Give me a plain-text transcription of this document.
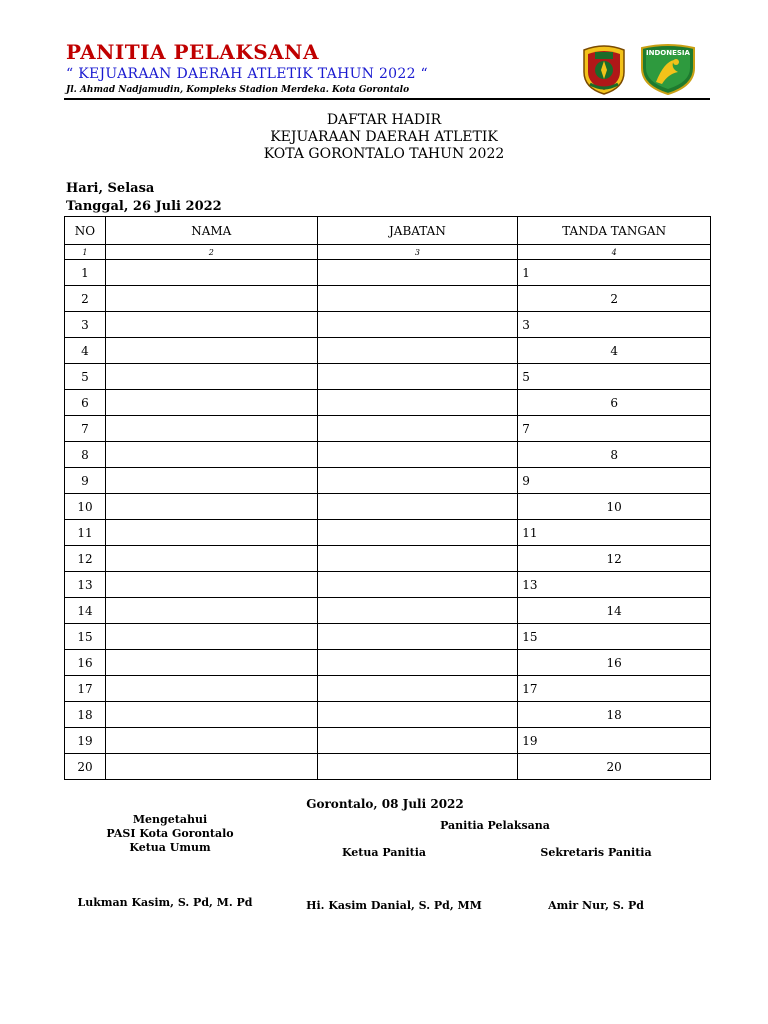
PANITIA PELAKSANA
“ KEJUARAAN DAERAH ATLETIK TAHUN 2022 “
Jl. Ahmad Nadjamudin, Kompleks Stadion Merdeka. Kota Gorontalo
INDONESIA
DAFTAR HADIR
KEJUARAAN DAERAH ATLETIK
KOTA GORONTALO TAHUN 2022
Hari, Selasa
Tanggal, 26 Juli 2022
NO	NAMA	JABATAN	TANDA TANGAN
1	2	3	4
1			1
2			2
3			3
4			4
5			5
6			6
7			7
8			8
9			9
10			10
11			11
12			12
13			13
14			14
15			15
16			16
17			17
18			18
19			19
20			20
Gorontalo, 08 Juli 2022
Mengetahui
PASI Kota Gorontalo
Ketua Umum
Panitia Pelaksana
Ketua Panitia	Sekretaris Panitia
Lukman Kasim, S. Pd, M. Pd	Hi. Kasim Danial, S. Pd, MM	Amir Nur, S. Pd
